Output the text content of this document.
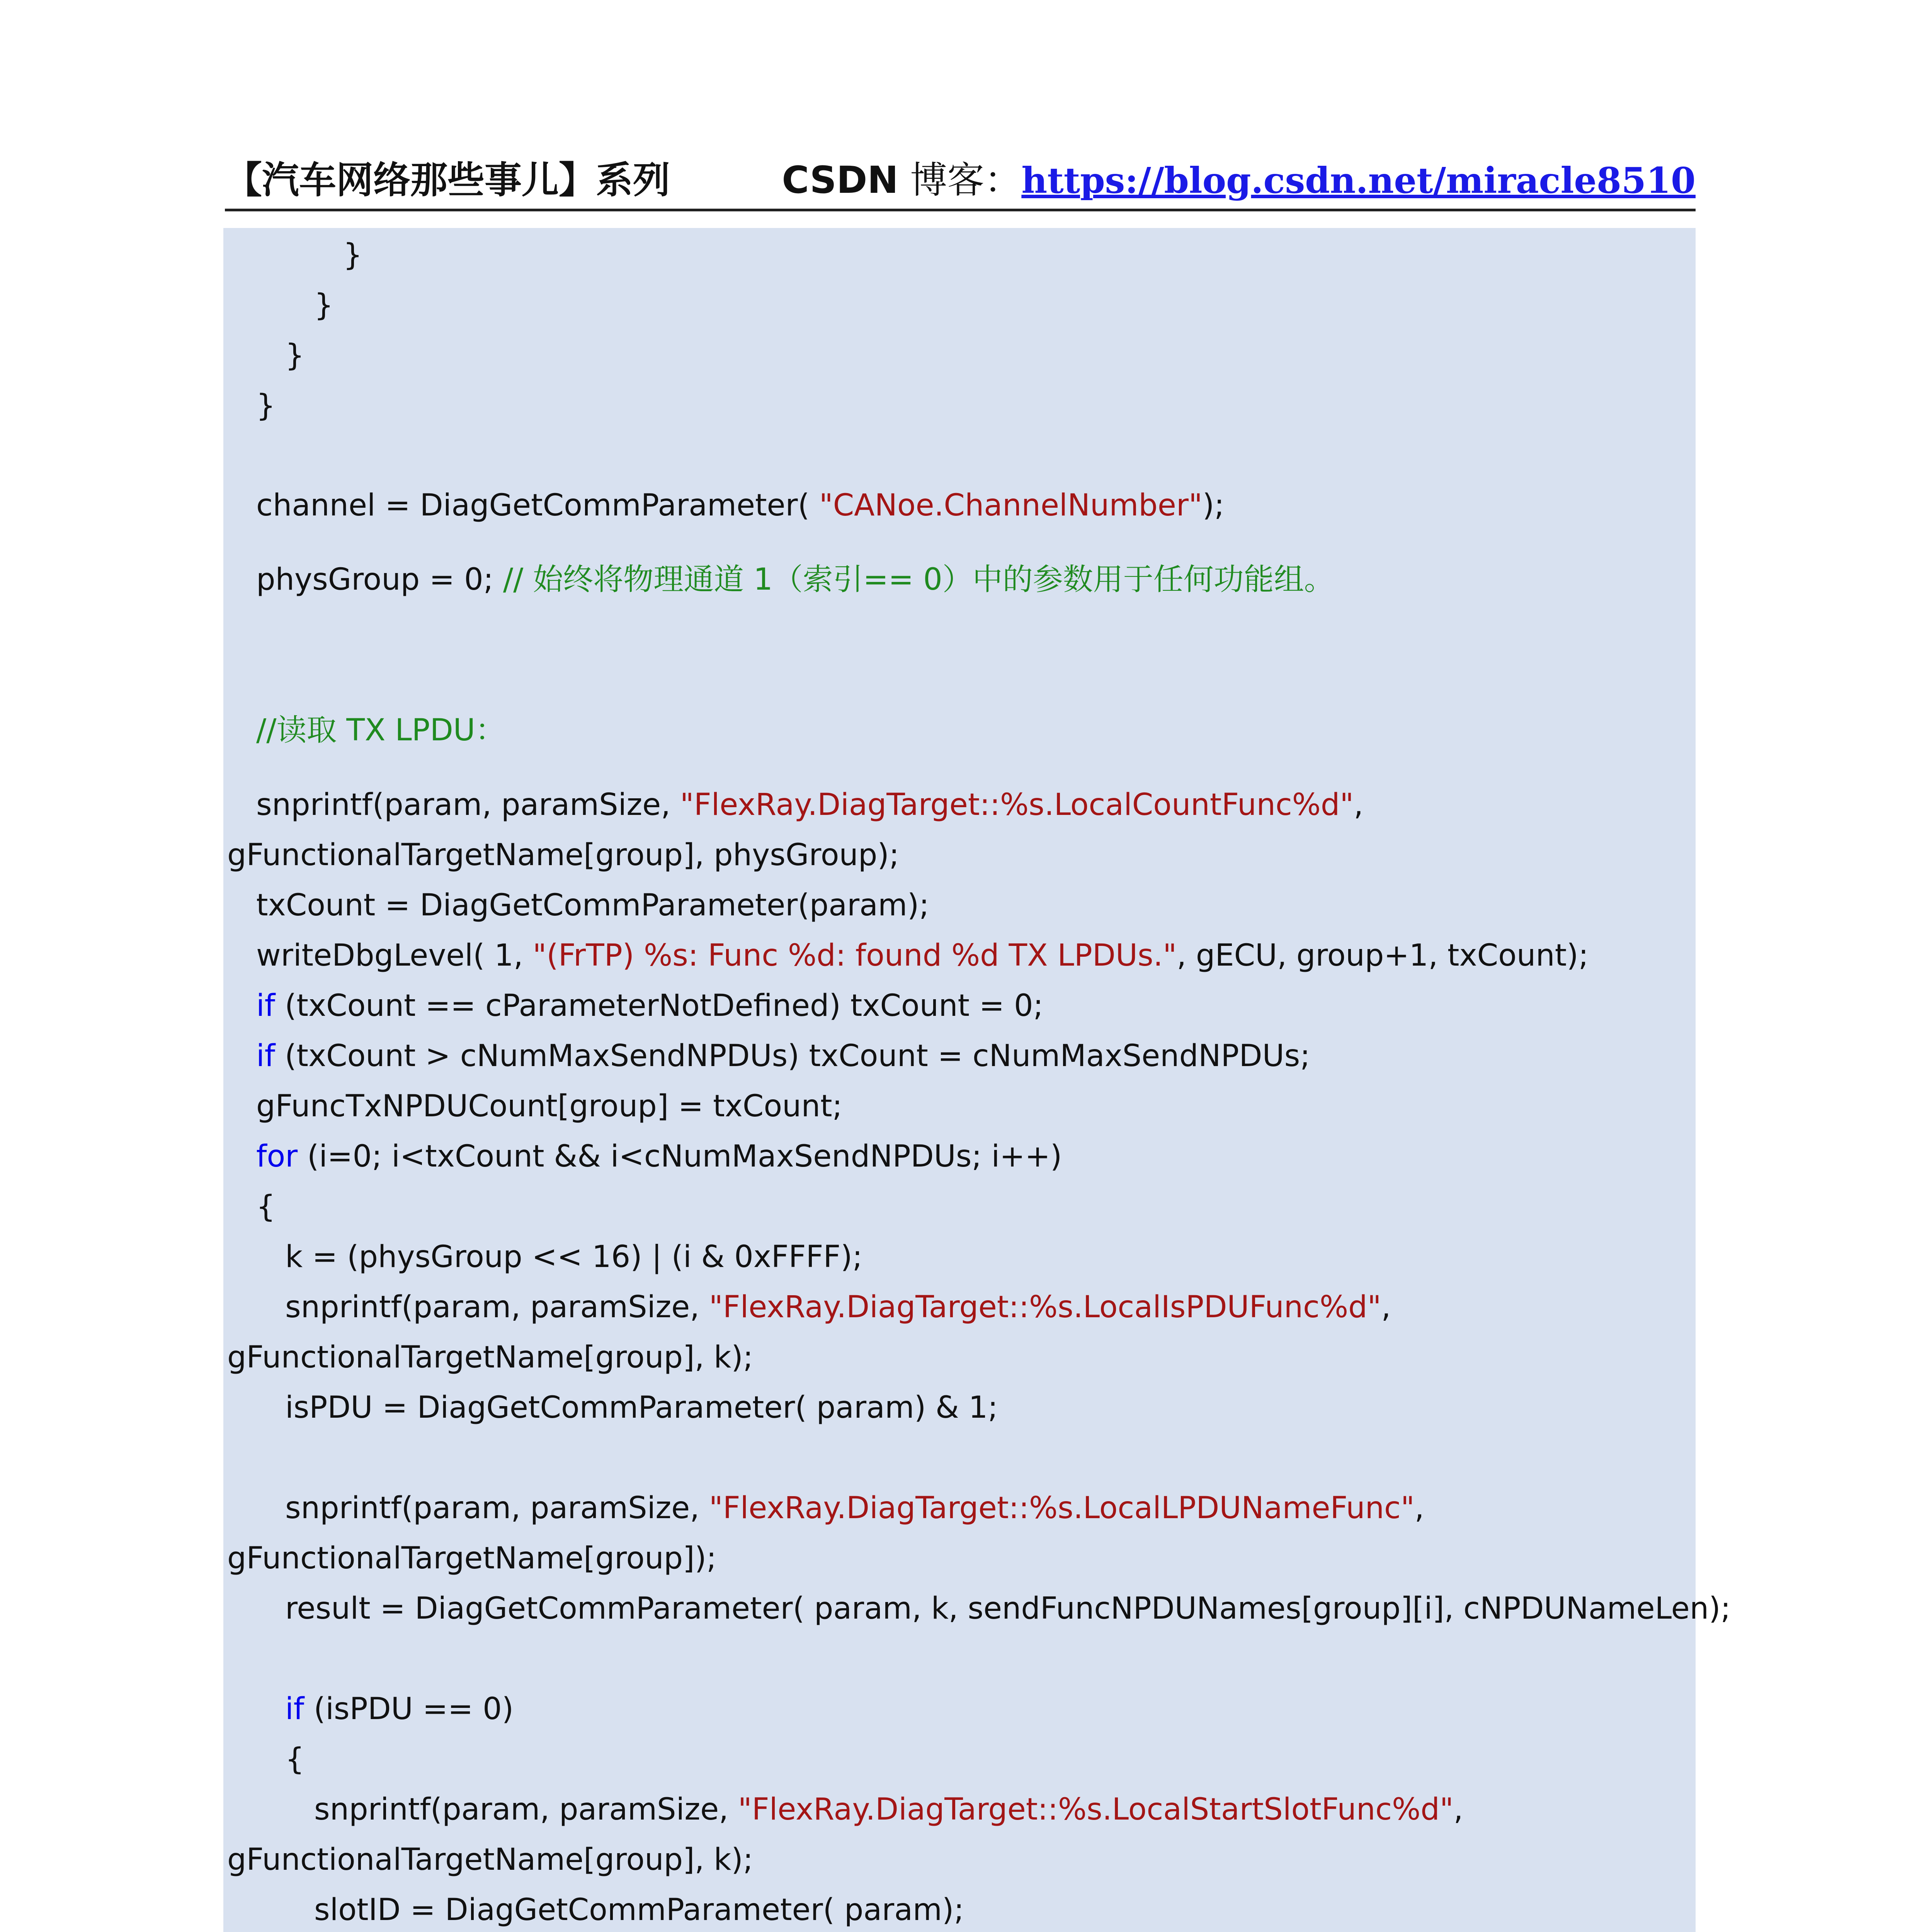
【汽车网络那些事儿】系列	CSDN 博客：https://blog.csdn.net/miracle8510
}
}
}
}
channel = DiagGetCommParameter( "CANoe.ChannelNumber");
physGroup = 0; // 始终将物理通道 1（索引== 0）中的参数用于任何功能组。
//读取 TX LPDU：
snprintf(param, paramSize, "FlexRay.DiagTarget::%s.LocalCountFunc%d",
gFunctionalTargetName[group], physGroup);
txCount = DiagGetCommParameter(param);
writeDbgLevel( 1, "(FrTP) %s: Func %d: found %d TX LPDUs.", gECU, group+1, txCount);
if (txCount == cParameterNotDefined) txCount = 0;
if (txCount > cNumMaxSendNPDUs) txCount = cNumMaxSendNPDUs;
gFuncTxNPDUCount[group] = txCount;
for (i=0; i<txCount && i<cNumMaxSendNPDUs; i++)
{
k = (physGroup << 16) | (i & 0xFFFF);
snprintf(param, paramSize, "FlexRay.DiagTarget::%s.LocalIsPDUFunc%d",
gFunctionalTargetName[group], k);
isPDU = DiagGetCommParameter( param) & 1;
snprintf(param, paramSize, "FlexRay.DiagTarget::%s.LocalLPDUNameFunc",
gFunctionalTargetName[group]);
result = DiagGetCommParameter( param, k, sendFuncNPDUNames[group][i], cNPDUNameLen);
if (isPDU == 0)
{
snprintf(param, paramSize, "FlexRay.DiagTarget::%s.LocalStartSlotFunc%d",
gFunctionalTargetName[group], k);
slotID = DiagGetCommParameter( param);
